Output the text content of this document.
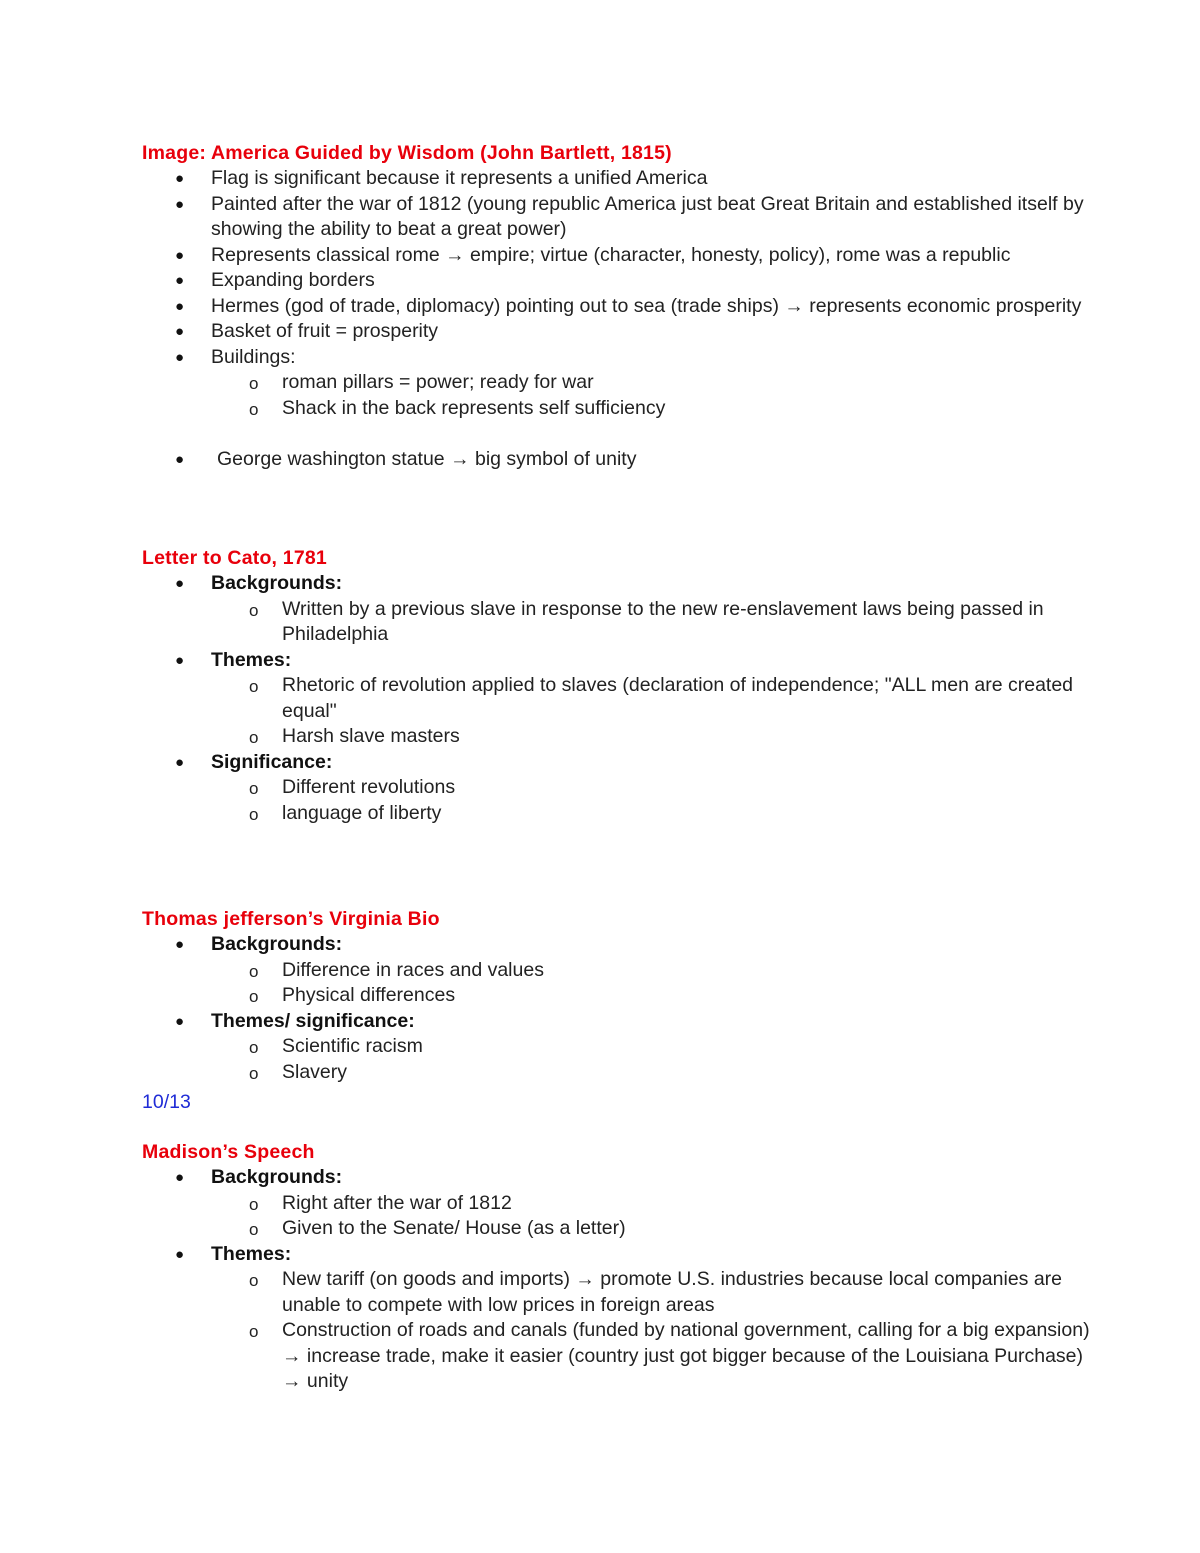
Image: America Guided by Wisdom (John Bartlett, 1815)
● Flag is significant because it represents a unified America
● Painted after the war of 1812 (young republic America just beat Great Britain and established itself by showing the ability to beat a great power)
● Represents classical rome → empire; virtue (character, honesty, policy), rome was a republic
● Expanding borders
● Hermes (god of trade, diplomacy) pointing out to sea (trade ships) → represents economic prosperity
● Basket of fruit = prosperity
● Buildings:
o roman pillars = power; ready for war
o Shack in the back represents self sufficiency
● George washington statue → big symbol of unity
Letter to Cato, 1781
● Backgrounds:
o Written by a previous slave in response to the new re-enslavement laws being passed in Philadelphia
● Themes:
o Rhetoric of revolution applied to slaves (declaration of independence; "ALL men are created equal"
o Harsh slave masters
● Significance:
o Different revolutions
o language of liberty
Thomas jefferson’s Virginia Bio
● Backgrounds:
o Difference in races and values
o Physical differences
● Themes/ significance:
o Scientific racism
o Slavery
10/13
Madison’s Speech
● Backgrounds:
o Right after the war of 1812
o Given to the Senate/ House (as a letter)
● Themes:
o New tariff (on goods and imports) → promote U.S. industries because local companies are unable to compete with low prices in foreign areas
o Construction of roads and canals (funded by national government, calling for a big expansion) → increase trade, make it easier (country just got bigger because of the Louisiana Purchase) → unity
